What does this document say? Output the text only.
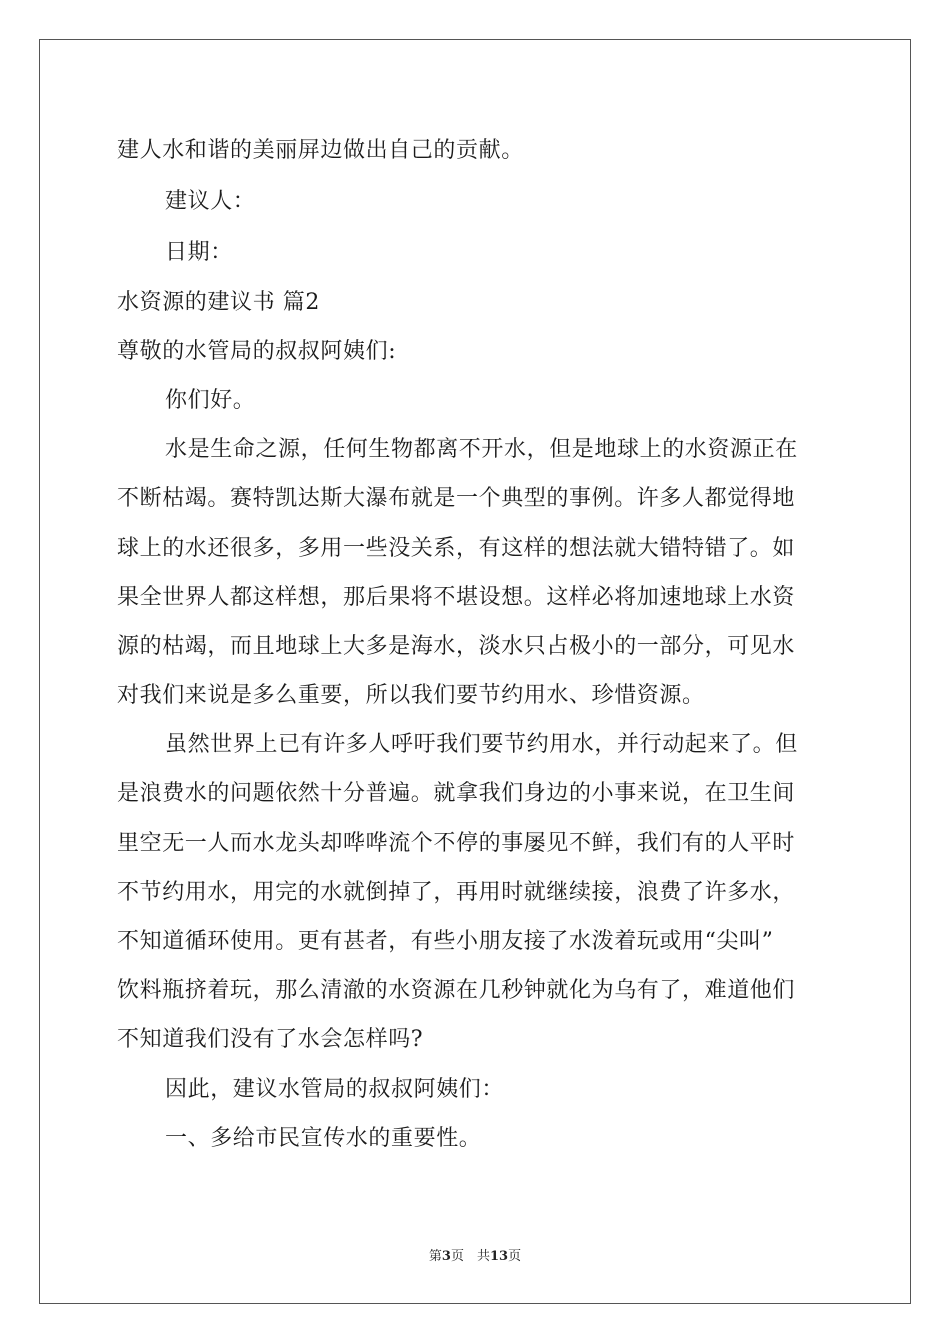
建人水和谐的美丽屏边做出自己的贡献。
建议人：
日期：
水资源的建议书 篇2
尊敬的水管局的叔叔阿姨们:
你们好。
水是生命之源，任何生物都离不开水，但是地球上的水资源正在
不断枯竭。赛特凯达斯大瀑布就是一个典型的事例。许多人都觉得地
球上的水还很多，多用一些没关系，有这样的想法就大错特错了。如
果全世界人都这样想，那后果将不堪设想。这样必将加速地球上水资
源的枯竭，而且地球上大多是海水，淡水只占极小的一部分，可见水
对我们来说是多么重要，所以我们要节约用水、珍惜资源。
虽然世界上已有许多人呼吁我们要节约用水，并行动起来了。但
是浪费水的问题依然十分普遍。就拿我们身边的小事来说，在卫生间
里空无一人而水龙头却哗哗流个不停的事屡见不鲜，我们有的人平时
不节约用水，用完的水就倒掉了，再用时就继续接，浪费了许多水，
不知道循环使用。更有甚者，有些小朋友接了水泼着玩或用“尖叫”
饮料瓶挤着玩，那么清澈的水资源在几秒钟就化为乌有了，难道他们
不知道我们没有了水会怎样吗?
因此，建议水管局的叔叔阿姨们：
一、多给市民宣传水的重要性。
第3页　共13页
